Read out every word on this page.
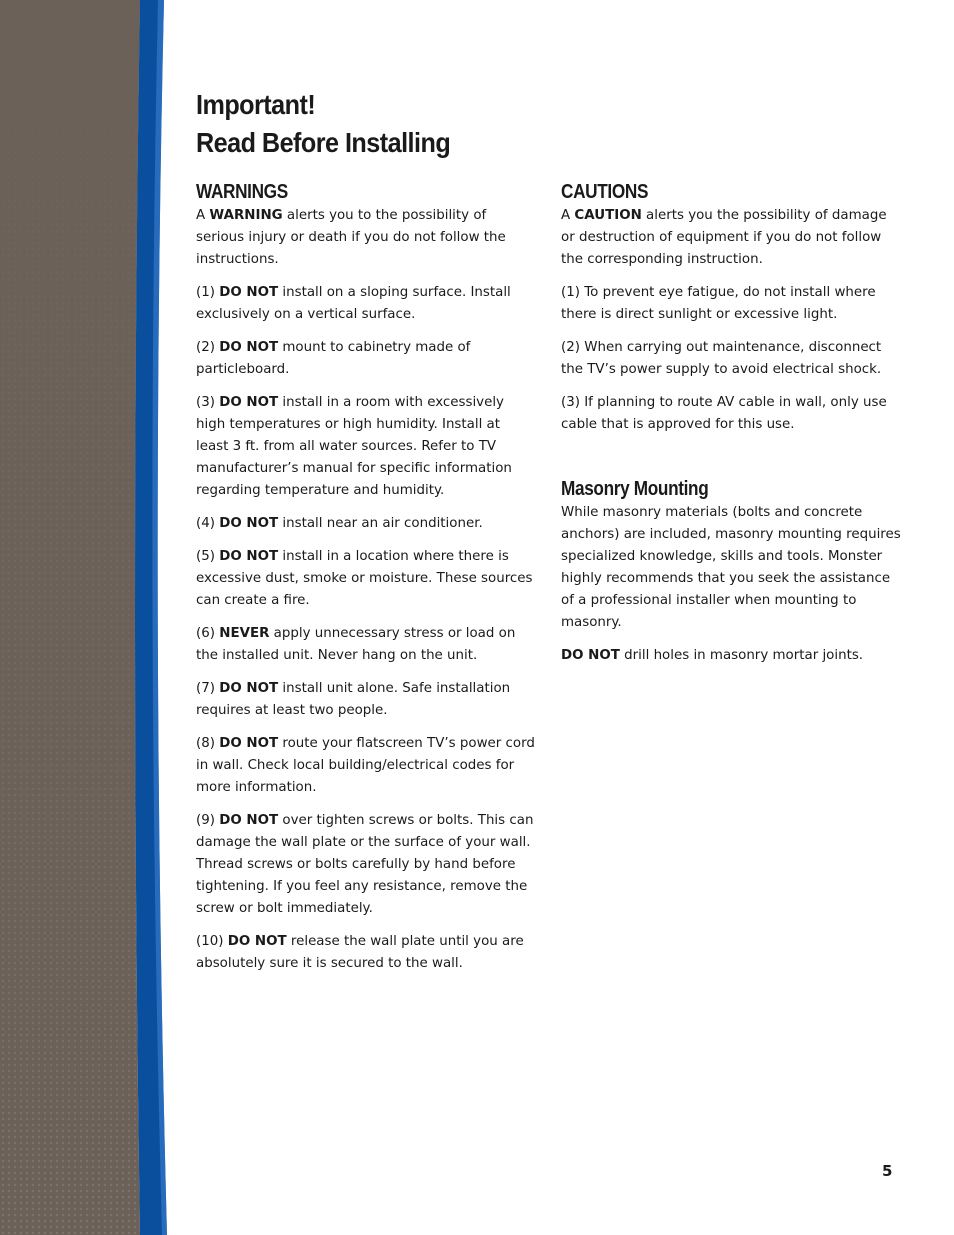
Important!
Read Before Installing
WARNINGS

A WARNING alerts you to the possibility of serious injury or death if you do not follow the instructions.

(1) DO NOT install on a sloping surface. Install exclusively on a vertical surface.

(2) DO NOT mount to cabinetry made of particleboard.

(3) DO NOT install in a room with excessively high temperatures or high humidity. Install at least 3 ft. from all water sources. Refer to TV manufacturer’s manual for specific information regarding temperature and humidity.

(4) DO NOT install near an air conditioner.

(5) DO NOT install in a location where there is excessive dust, smoke or moisture. These sources can create a fire.

(6) NEVER apply unnecessary stress or load on the installed unit. Never hang on the unit.

(7) DO NOT install unit alone. Safe installation requires at least two people.

(8) DO NOT route your flatscreen TV’s power cord in wall. Check local building/electrical codes for more information.

(9) DO NOT over tighten screws or bolts. This can damage the wall plate or the surface of your wall. Thread screws or bolts carefully by hand before tightening. If you feel any resistance, remove the screw or bolt immediately.

(10) DO NOT release the wall plate until you are absolutely sure it is secured to the wall.

CAUTIONS

A CAUTION alerts you the possibility of damage or destruction of equipment if you do not follow the corresponding instruction.

(1) To prevent eye fatigue, do not install where there is direct sunlight or excessive light.

(2) When carrying out maintenance, disconnect the TV’s power supply to avoid electrical shock.

(3) If planning to route AV cable in wall, only use cable that is approved for this use.

Masonry Mounting

While masonry materials (bolts and concrete anchors) are included, masonry mounting requires specialized knowledge, skills and tools. Monster highly recommends that you seek the assistance of a professional installer when mounting to masonry.

DO NOT drill holes in masonry mortar joints.

5
